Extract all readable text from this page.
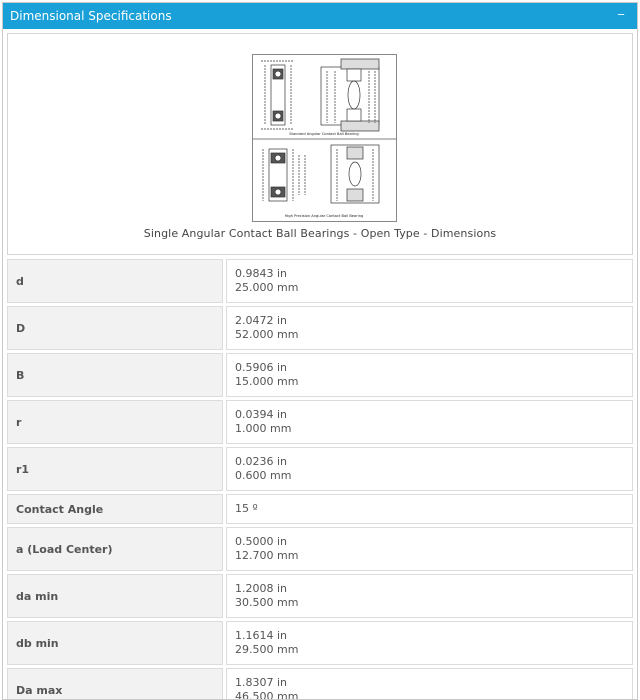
Dimensional Specifications	─
Standard Angular Contact Ball Bearing
High Precision Angular Contact Ball Bearing
Single Angular Contact Ball Bearings - Open Type - Dimensions
d
0.9843 in
25.000 mm
D
2.0472 in
52.000 mm
B
0.5906 in
15.000 mm
r
0.0394 in
1.000 mm
r1
0.0236 in
0.600 mm
Contact Angle	15 º
a (Load Center)
0.5000 in
12.700 mm
da min
1.2008 in
30.500 mm
db min
1.1614 in
29.500 mm
Da max
1.8307 in
46.500 mm
